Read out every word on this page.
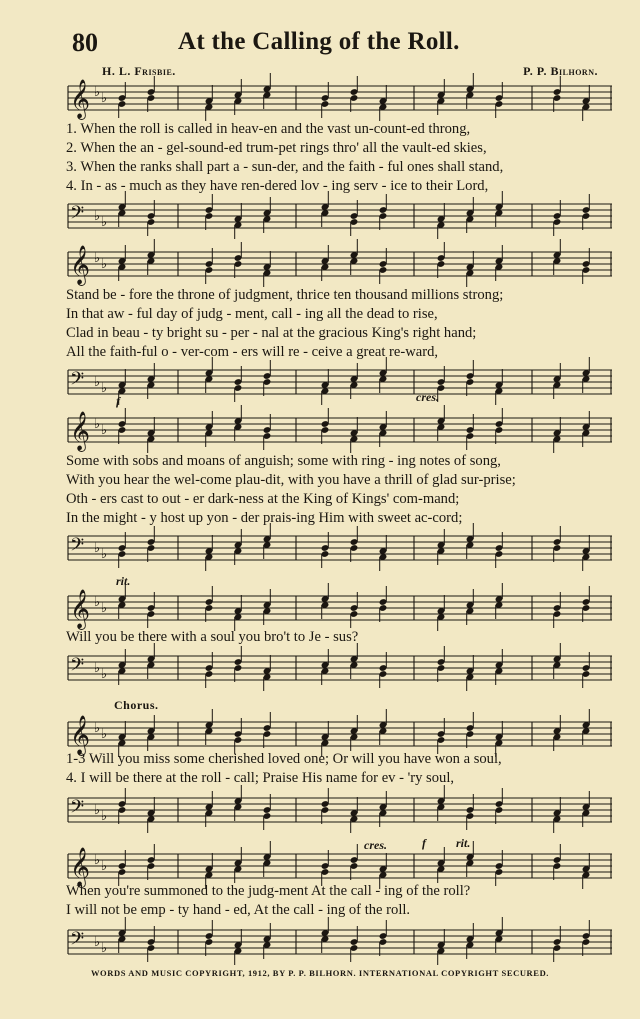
80	At the Calling of the Roll.
H. L. Frisbie.	P. P. Bilhorn.
𝄞 ♭ ♭
1. When the roll is called in heav-en and the vast un-count-ed throng,
2. When the an - gel-sound-ed trum-pet rings thro' all the vault-ed skies,
3. When the ranks shall part a - sun-der, and the faith - ful ones shall stand,
4. In - as - much as they have ren-dered lov - ing serv - ice to their Lord,
𝄢 ♭ ♭
𝄞 ♭ ♭
Stand be - fore the throne of judgment, thrice ten thousand millions strong;
In that aw - ful day of judg - ment, call - ing all the dead to rise,
Clad in beau - ty bright su - per - nal at the gracious King's right hand;
All the faith-ful o - ver-com - ers will re - ceive a great re-ward,
𝄢 ♭ ♭
f	cres.
𝄞 ♭ ♭
Some with sobs and moans of anguish; some with ring - ing notes of song,
With you hear the wel-come plau-dit, with you have a thrill of glad sur-prise;
Oth - ers cast to out - er dark-ness at the King of Kings' com-mand;
In the might - y host up yon - der prais-ing Him with sweet ac-cord;
𝄢 ♭ ♭
rit.
𝄞 ♭ ♭
Will you be there with a soul you bro't to Je - sus?
𝄢 ♭ ♭
Chorus.
𝄞 ♭ ♭
1-3 Will you miss some cherished loved one; Or will you have won a soul,
4. I will be there at the roll - call; Praise His name for ev - 'ry soul,
𝄢 ♭ ♭
cres.	f	rit.
𝄞 ♭ ♭
When you're summoned to the judg-ment At the call - ing of the roll?
I will not be emp - ty hand - ed, At the call - ing of the roll.
𝄢 ♭ ♭
WORDS AND MUSIC COPYRIGHT, 1912, BY P. P. BILHORN. INTERNATIONAL COPYRIGHT SECURED.
